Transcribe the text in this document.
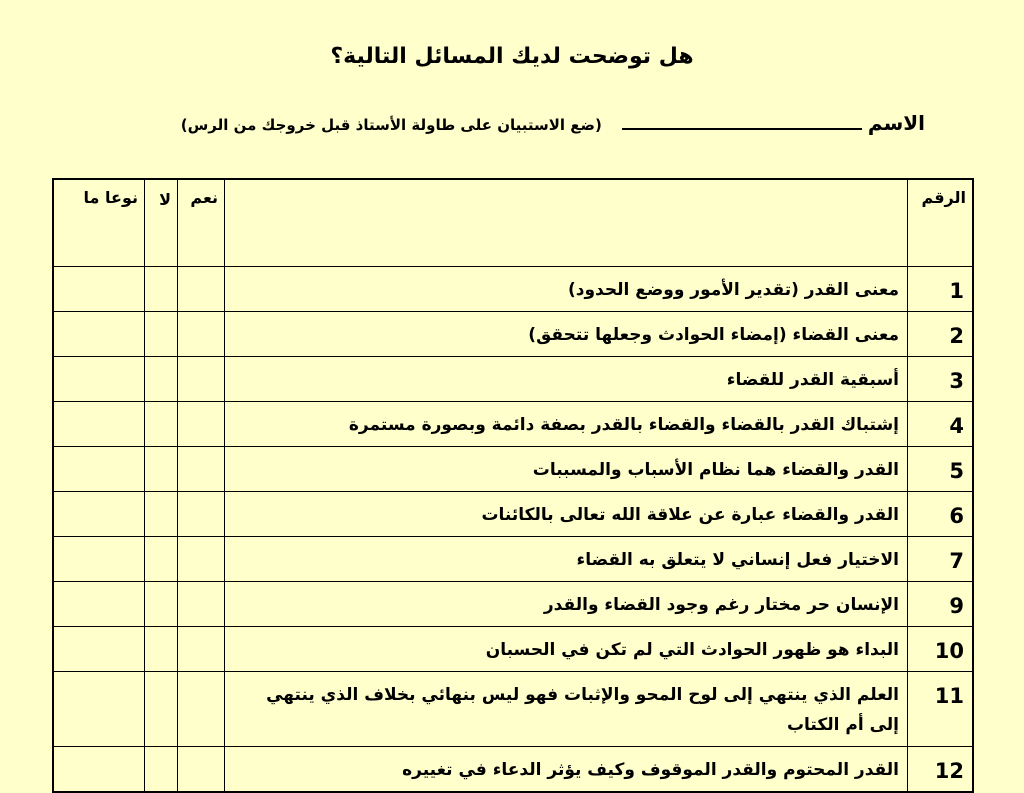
هل توضحت لديك المسائل التالية؟
الاسم
(ضع الاستبيان على طاولة الأستاذ قبل خروجك من الرس)
الرقم		نعم	لا	نوعا ما
1	معنى القدر (تقدير الأمور ووضع الحدود)			
2	معنى القضاء (إمضاء الحوادث وجعلها تتحقق)			
3	أسبقية القدر للقضاء			
4	إشتباك القدر بالقضاء والقضاء بالقدر بصفة دائمة وبصورة مستمرة			
5	القدر والقضاء هما نظام الأسباب والمسببات			
6	القدر والقضاء عبارة عن علاقة الله تعالى بالكائنات			
7	الاختيار فعل إنساني لا يتعلق به القضاء			
9	الإنسان حر مختار رغم وجود القضاء والقدر			
10	البداء هو ظهور الحوادث التي لم تكن في الحسبان			
11	العلم الذي ينتهي إلى لوح المحو والإثبات فهو ليس بنهائي بخلاف الذي ينتهي إلى أم الكتاب			
12	القدر المحتوم والقدر الموقوف وكيف يؤثر الدعاء في تغييره			
